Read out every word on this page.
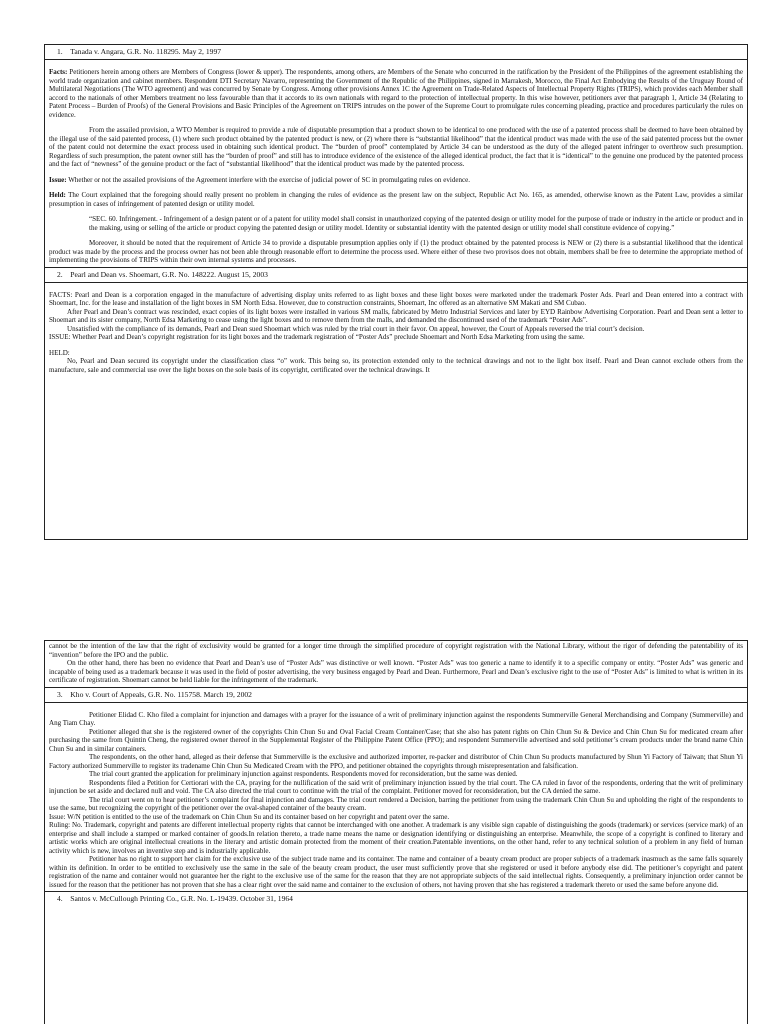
1.    Tanada v. Angara, G.R. No. 118295. May 2, 1997

Facts: Petitioners herein among others are Members of Congress (lower & upper). The respondents, among others, are Members of the Senate who concurred in the ratification by the President of the Philippines of the agreement establishing the world trade organization and cabinet members. Respondent DTI Secretary Navarro, representing the Government of the Republic of the Philippines, signed in Marrakesh, Morocco, the Final Act Embodying the Results of the Uruguay Round of Multilateral Negotiations (The WTO agreement) and was concurred by Senate by Congress. Among other provisions Annex 1C the Agreement on Trade-Related Aspects of Intellectual Property Rights (TRIPS), which provides each Member shall accord to the nationals of other Members treatment no less favourable than that it accords to its own nationals with regard to the protection of intellectual property. In this wise however, petitioners aver that paragraph 1, Article 34 (Relating to Patent Process – Burden of Proofs) of the General Provisions and Basic Principles of the Agreement on TRIPS intrudes on the power of the Supreme Court to promulgate rules concerning pleading, practice and procedures particularly the rules on evidence.

From the assailed provision, a WTO Member is required to provide a rule of disputable presumption that a product shown to be identical to one produced with the use of a patented process shall be deemed to have been obtained by the illegal use of the said patented process, (1) where such product obtained by the patented product is new, or (2) where there is “substantial likelihood” that the identical product was made with the use of the said patented process but the owner of the patent could not determine the exact process used in obtaining such identical product. The “burden of proof” contemplated by Article 34 can be understood as the duty of the alleged patent infringer to overthrow such presumption. Regardless of such presumption, the patent owner still has the “burden of proof” and still has to introduce evidence of the existence of the alleged identical product, the fact that it is “identical” to the genuine one produced by the patented process and the fact of “newness” of the genuine product or the fact of “substantial likelihood” that the identical product was made by the patented process.

Issue: Whether or not the assailed provisions of the Agreement interfere with the exercise of judicial power of SC in promulgating rules on evidence.

Held: The Court explained that the foregoing should really present no problem in changing the rules of evidence as the present law on the subject, Republic Act No. 165, as amended, otherwise known as the Patent Law, provides a similar presumption in cases of infringement of patented design or utility model.

“SEC. 60. Infringement. - Infringement of a design patent or of a patent for utility model shall consist in unauthorized copying of the patented design or utility model for the purpose of trade or industry in the article or product and in the making, using or selling of the article or product copying the patented design or utility model. Identity or substantial identity with the patented design or utility model shall constitute evidence of copying.”

Moreover, it should be noted that the requirement of Article 34 to provide a disputable presumption applies only if (1) the product obtained by the patented process is NEW or (2) there is a substantial likelihood that the identical product was made by the process and the process owner has not been able through reasonable effort to determine the process used. Where either of these two provisos does not obtain, members shall be free to determine the appropriate method of implementing the provisions of TRIPS within their own internal systems and processes.

2.    Pearl and Dean vs. Shoemart, G.R. No. 148222. August 15, 2003

FACTS: Pearl and Dean is a corporation engaged in the manufacture of advertising display units referred to as light boxes and these light boxes were marketed under the trademark Poster Ads. Pearl and Dean entered into a contract with Shoemart, Inc. for the lease and installation of the light boxes in SM North Edsa. However, due to construction constraints, Shoemart, Inc offered as an alternative SM Makati and SM Cubao.

After Pearl and Dean’s contract was rescinded, exact copies of its light boxes were installed in various SM malls, fabricated by Metro Industrial Services and later by EYD Rainbow Advertising Corporation. Pearl and Dean sent a letter to Shoemart and its sister company, North Edsa Marketing to cease using the light boxes and to remove them from the malls, and demanded the discontinued used of the trademark “Poster Ads”.

Unsatisfied with the compliance of its demands, Pearl and Dean sued Shoemart which was ruled by the trial court in their favor. On appeal, however, the Court of Appeals reversed the trial court’s decision.

ISSUE: Whether Pearl and Dean’s copyright registration for its light boxes and the trademark registration of “Poster Ads” preclude Shoemart and North Edsa Marketing from using the same.

HELD:

No, Pearl and Dean secured its copyright under the classification class “o” work. This being so, its protection extended only to the technical drawings and not to the light box itself. Pearl and Dean cannot exclude others from the manufacture, sale and commercial use over the light boxes on the sole basis of its copyright, certificated over the technical drawings. It

cannot be the intention of the law that the right of exclusivity would be granted for a longer time through the simplified procedure of copyright registration with the National Library, without the rigor of defending the patentability of its “invention” before the IPO and the public.

On the other hand, there has been no evidence that Pearl and Dean’s use of “Poster Ads” was distinctive or well known. “Poster Ads” was too generic a name to identify it to a specific company or entity. “Poster Ads” was generic and incapable of being used as a trademark because it was used in the field of poster advertising, the very business engaged by Pearl and Dean. Furthermore, Pearl and Dean’s exclusive right to the use of “Poster Ads” is limited to what is written in its certificate of registration. Shoemart cannot be held liable for the infringement of the trademark.

3.    Kho v. Court of Appeals, G.R. No. 115758. March 19, 2002

Petitioner Elidad C. Kho filed a complaint for injunction and damages with a prayer for the issuance of a writ of preliminary injunction against the respondents Summerville General Merchandising and Company (Summerville) and Ang Tiam Chay.

Petitioner alleged that she is the registered owner of the copyrights Chin Chun Su and Oval Facial Cream Container/Case; that she also has patent rights on Chin Chun Su & Device and Chin Chun Su for medicated cream after purchasing the same from Quintin Cheng, the registered owner thereof in the Supplemental Register of the Philippine Patent Office (PPO); and respondent Summerville advertised and sold petitioner’s cream products under the brand name Chin Chun Su and in similar containers.

The respondents, on the other hand, alleged as their defense that Summerville is the exclusive and authorized importer, re-packer and distributor of Chin Chun Su products manufactured by Shun Yi Factory of Taiwan; that Shun Yi Factory authorized Summerville to register its tradename Chin Chun Su Medicated Cream with the PPO, and petitioner obtained the copyrights through misrepresentation and falsification.

The trial court granted the application for preliminary injunction against respondents. Respondents moved for reconsideration, but the same was denied.

Respondents filed a Petition for Certiorari with the CA, praying for the nullification of the said writ of preliminary injunction issued by the trial court. The CA ruled in favor of the respondents, ordering that the writ of preliminary injunction be set aside and declared null and void. The CA also directed the trial court to continue with the trial of the complaint. Petitioner moved for reconsideration, but the CA denied the same.

The trial court went on to hear petitioner’s complaint for final injunction and damages. The trial court rendered a Decision, barring the petitioner from using the trademark Chin Chun Su and upholding the right of the respondents to use the same, but recognizing the copyright of the petitioner over the oval-shaped container of the beauty cream.

Issue: W/N petition is entitled to the use of the trademark on Chin Chun Su and its container based on her copyright and patent over the same.

Ruling: No. Trademark, copyright and patents are different intellectual property rights that cannot be interchanged with one another. A trademark is any visible sign capable of distinguishing the goods (trademark) or services (service mark) of an enterprise and shall include a stamped or marked container of goods.In relation thereto, a trade name means the name or designation identifying or distinguishing an enterprise. Meanwhile, the scope of a copyright is confined to literary and artistic works which are original intellectual creations in the literary and artistic domain protected from the moment of their creation.Patentable inventions, on the other hand, refer to any technical solution of a problem in any field of human activity which is new, involves an inventive step and is industrially applicable.

Petitioner has no right to support her claim for the exclusive use of the subject trade name and its container. The name and container of a beauty cream product are proper subjects of a trademark inasmuch as the same falls squarely within its definition. In order to be entitled to exclusively use the same in the sale of the beauty cream product, the user must sufficiently prove that she registered or used it before anybody else did. The petitioner’s copyright and patent registration of the name and container would not guarantee her the right to the exclusive use of the same for the reason that they are not appropriate subjects of the said intellectual rights. Consequently, a preliminary injunction order cannot be issued for the reason that the petitioner has not proven that she has a clear right over the said name and container to the exclusion of others, not having proven that she has registered a trademark thereto or used the same before anyone did.

4.    Santos v. McCullough Printing Co., G.R. No. L-19439. October 31, 1964
